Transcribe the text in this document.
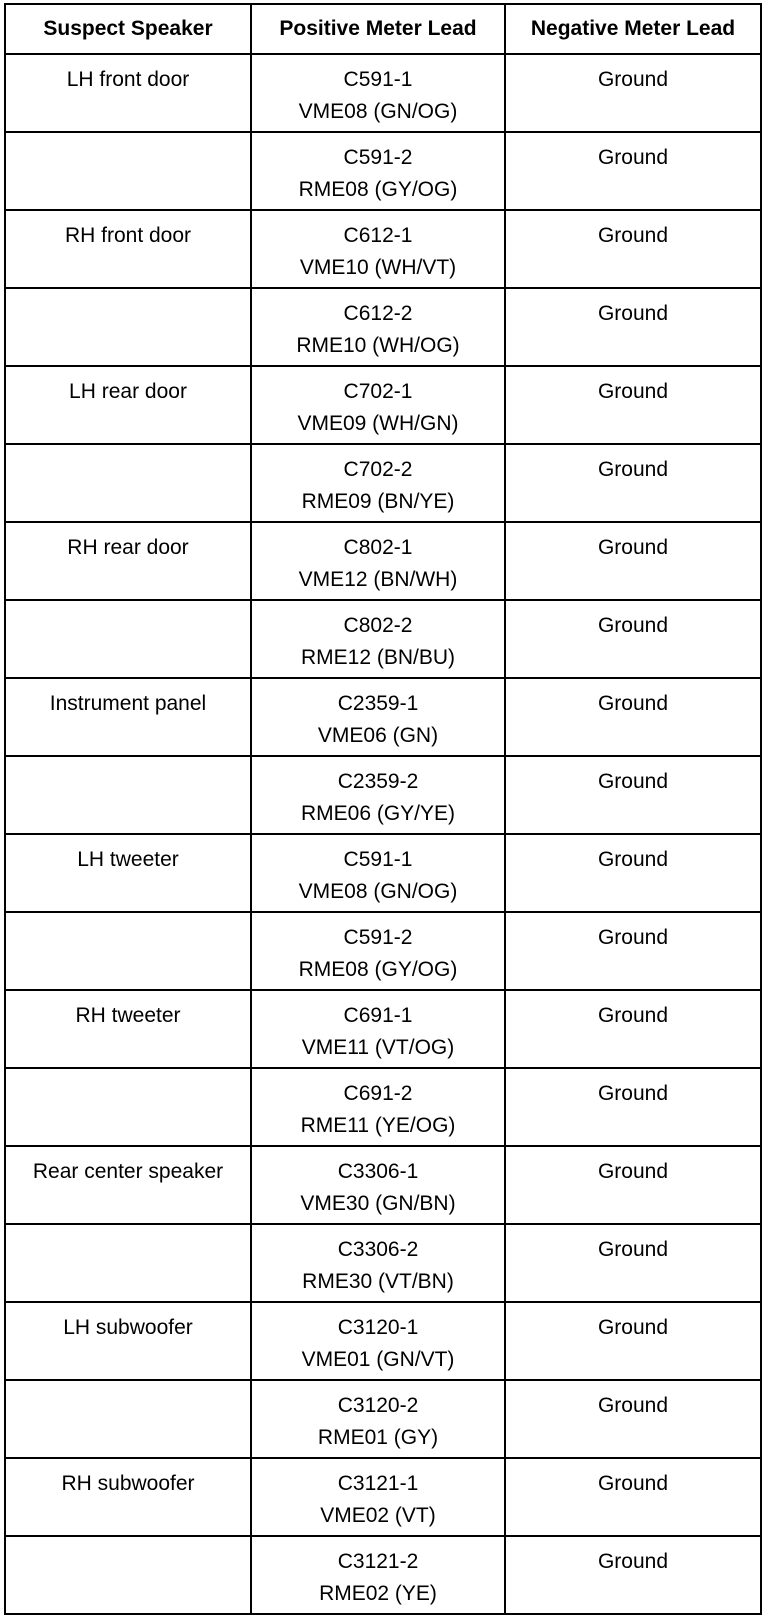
Suspect Speaker	Positive Meter Lead	Negative Meter Lead

LH front door	C591-1
VME08 (GN/OG)	Ground

	C591-2
RME08 (GY/OG)	Ground

RH front door	C612-1
VME10 (WH/VT)	Ground

	C612-2
RME10 (WH/OG)	Ground

LH rear door	C702-1
VME09 (WH/GN)	Ground

	C702-2
RME09 (BN/YE)	Ground

RH rear door	C802-1
VME12 (BN/WH)	Ground

	C802-2
RME12 (BN/BU)	Ground

Instrument panel	C2359-1
VME06 (GN)	Ground

	C2359-2
RME06 (GY/YE)	Ground

LH tweeter	C591-1
VME08 (GN/OG)	Ground

	C591-2
RME08 (GY/OG)	Ground

RH tweeter	C691-1
VME11 (VT/OG)	Ground

	C691-2
RME11 (YE/OG)	Ground

Rear center speaker	C3306-1
VME30 (GN/BN)	Ground

	C3306-2
RME30 (VT/BN)	Ground

LH subwoofer	C3120-1
VME01 (GN/VT)	Ground

	C3120-2
RME01 (GY)	Ground

RH subwoofer	C3121-1
VME02 (VT)	Ground

	C3121-2
RME02 (YE)	Ground
